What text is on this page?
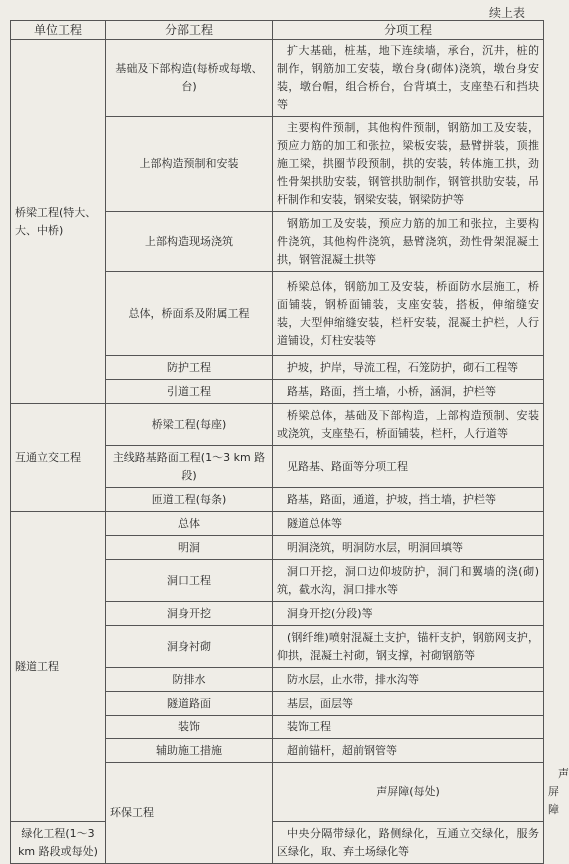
续上表
单位工程	分部工程	分项工程	
桥梁工程(特大、大、中桥)	基础及下部构造(每桥或每墩、台)	扩大基础，桩基，地下连续墙，承台，沉井，桩的制作，钢筋加工安装，墩台身(砌体)浇筑，墩台身安装，墩台帽，组合桥台，台背填土，支座垫石和挡块等	
	上部构造预制和安装	主要构件预制，其他构件预制，钢筋加工及安装，预应力筋的加工和张拉，梁板安装，悬臂拼装，顶推施工梁，拱圈节段预制，拱的安装，转体施工拱，劲性骨架拱肋安装，钢管拱肋制作，钢管拱肋安装，吊杆制作和安装，钢梁安装，钢梁防护等	
	上部构造现场浇筑	钢筋加工及安装，预应力筋的加工和张拉，主要构件浇筑，其他构件浇筑，悬臂浇筑，劲性骨架混凝土拱，钢管混凝土拱等	
	总体，桥面系及附属工程	桥梁总体，钢筋加工及安装，桥面防水层施工，桥面铺装，钢桥面铺装，支座安装，搭板，伸缩缝安装，大型伸缩缝安装，栏杆安装，混凝土护栏，人行道铺设，灯柱安装等	
	防护工程	护坡，护岸，导流工程，石笼防护，砌石工程等	
	引道工程	路基，路面，挡土墙，小桥，涵洞，护栏等	
互通立交工程	桥梁工程(每座)	桥梁总体，基础及下部构造，上部构造预制、安装或浇筑，支座垫石，桥面铺装，栏杆，人行道等	
	主线路基路面工程(1～3 km 路段)	见路基、路面等分项工程	
	匝道工程(每条)	路基，路面，通道，护坡，挡土墙，护栏等	
隧道工程	总体	隧道总体等	
	明洞	明洞浇筑，明洞防水层，明洞回填等	
	洞口工程	洞口开挖，洞口边仰坡防护，洞门和翼墙的浇(砌)筑，截水沟，洞口排水等	
	洞身开挖	洞身开挖(分段)等	
	洞身衬砌	(钢纤维)喷射混凝土支护，锚杆支护，钢筋网支护，仰拱，混凝土衬砌，钢支撑，衬砌钢筋等	
	防排水	防水层，止水带，排水沟等	
	隧道路面	基层，面层等	
	装饰	装饰工程	
	辅助施工措施	超前锚杆，超前钢管等	
	环保工程	声屏障(每处)	声屏障
绿化工程(1～3 km 路段或每处)		中央分隔带绿化，路侧绿化，互通立交绿化，服务区绿化，取、弃土场绿化等	
